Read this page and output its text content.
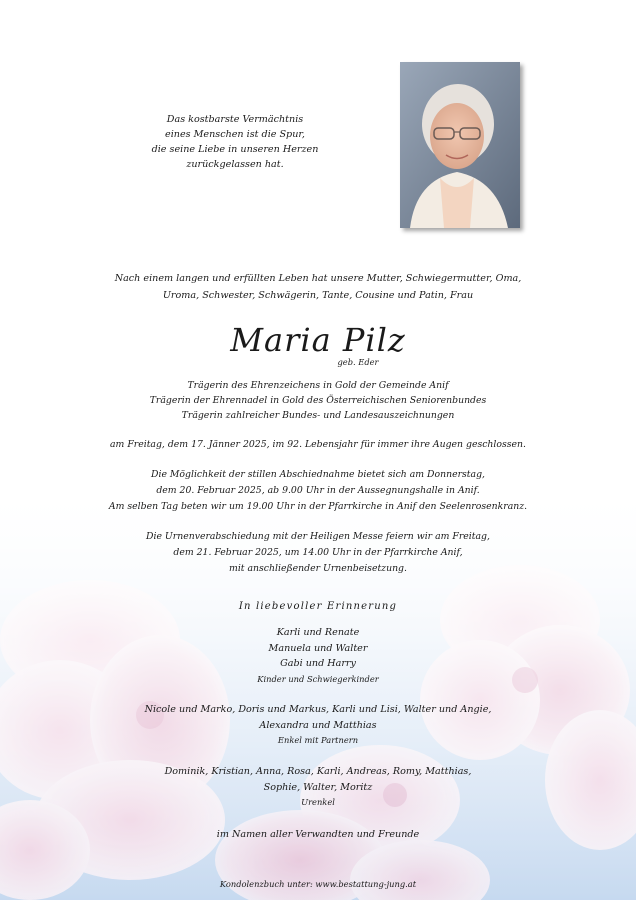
Das kostbarste Vermächtnis
eines Menschen ist die Spur,
die seine Liebe in unseren Herzen
zurückgelassen hat.
Nach einem langen und erfüllten Leben hat unsere Mutter, Schwiegermutter, Oma,
Uroma, Schwester, Schwägerin, Tante, Cousine und Patin, Frau
Maria Pilz
geb. Eder
Trägerin des Ehrenzeichens in Gold der Gemeinde Anif
Trägerin der Ehrennadel in Gold des Österreichischen Seniorenbundes
Trägerin zahlreicher Bundes- und Landesauszeichnungen
am Freitag, dem 17. Jänner 2025, im 92. Lebensjahr für immer ihre Augen geschlossen.
Die Möglichkeit der stillen Abschiednahme bietet sich am Donnerstag,
dem 20. Februar 2025, ab 9.00 Uhr in der Aussegnungshalle in Anif.
Am selben Tag beten wir um 19.00 Uhr in der Pfarrkirche in Anif den Seelenrosenkranz.
Die Urnenverabschiedung mit der Heiligen Messe feiern wir am Freitag,
dem 21. Februar 2025, um 14.00 Uhr in der Pfarrkirche Anif,
mit anschließender Urnenbeisetzung.
In liebevoller Erinnerung
Karli und Renate
Manuela und Walter
Gabi und Harry
Kinder und Schwiegerkinder
Nicole und Marko, Doris und Markus, Karli und Lisi, Walter und Angie,
Alexandra und Matthias
Enkel mit Partnern
Dominik, Kristian, Anna, Rosa, Karli, Andreas, Romy, Matthias,
Sophie, Walter, Moritz
Urenkel
im Namen aller Verwandten und Freunde
Kondolenzbuch unter: www.bestattung-jung.at
